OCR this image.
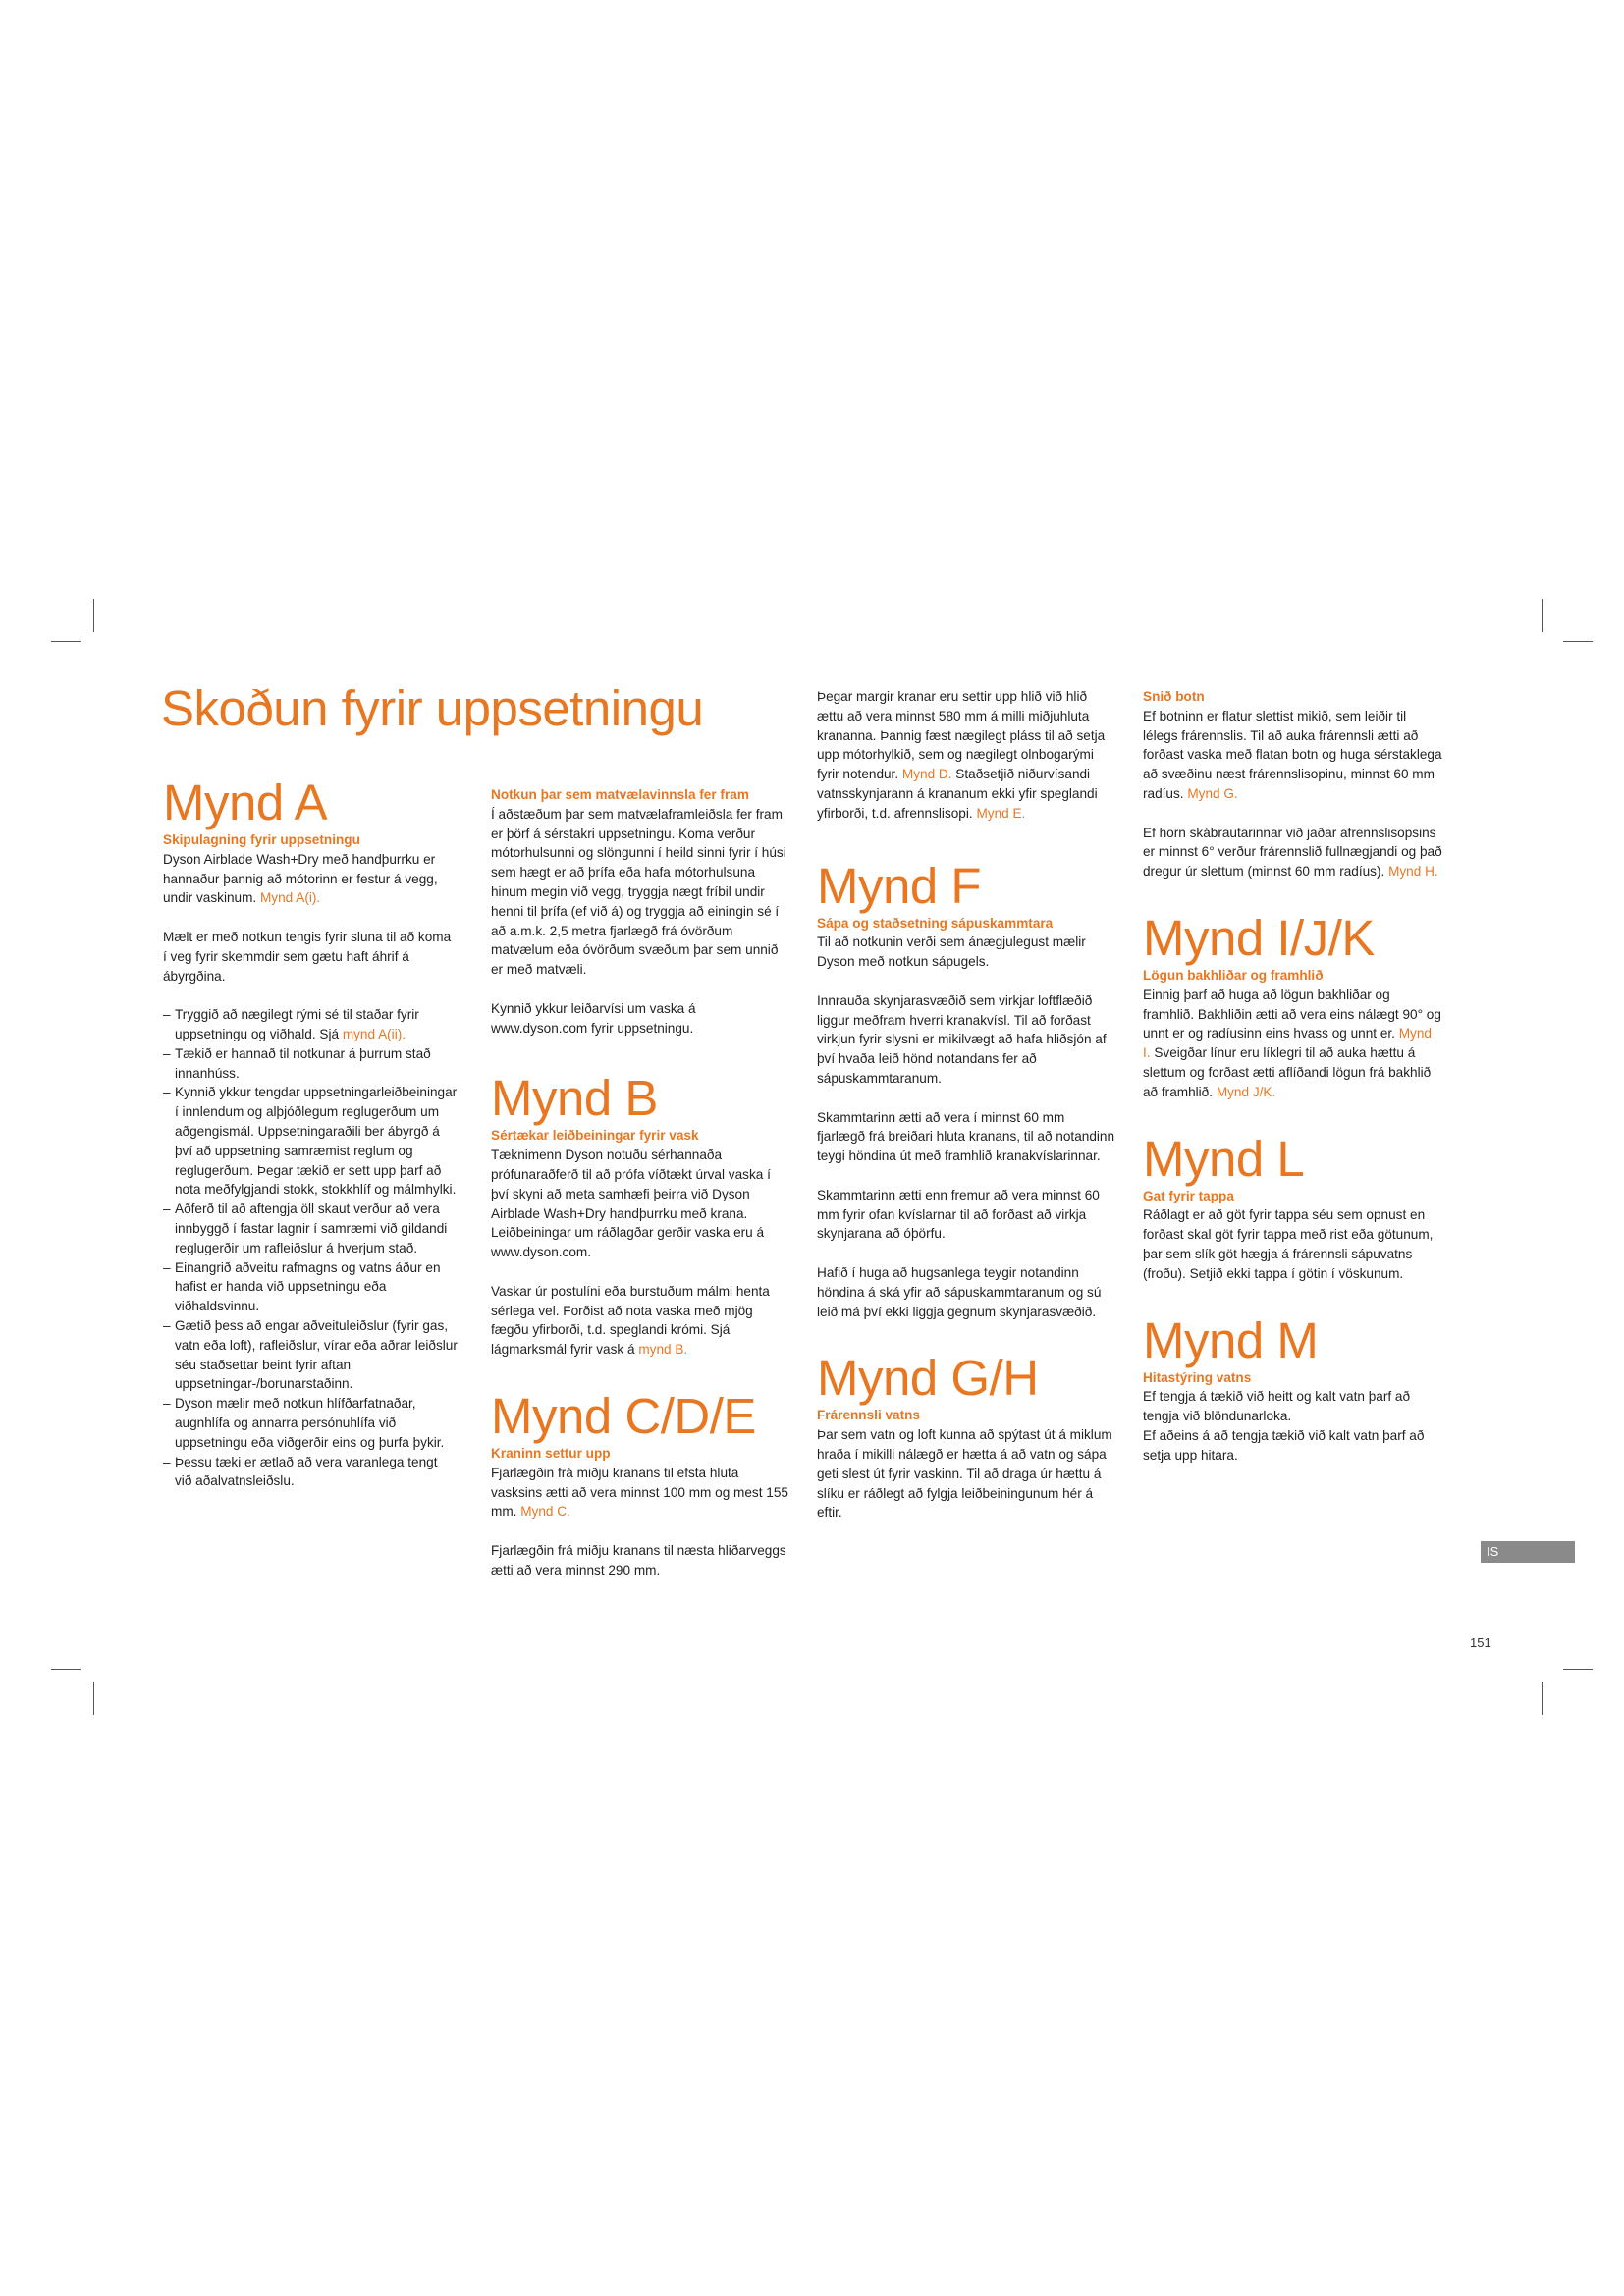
Skoðun fyrir uppsetningu
Mynd A
Skipulagning fyrir uppsetningu

Dyson Airblade Wash+Dry með handþurrku er hannaður þannig að mótorinn er festur á vegg, undir vaskinum. Mynd A(i).

Mælt er með notkun tengis fyrir sluna til að koma í veg fyrir skemmdir sem gætu haft áhrif á ábyrgðina.

– Tryggið að nægilegt rými sé til staðar fyrir uppsetningu og viðhald. Sjá mynd A(ii).
– Tækið er hannað til notkunar á þurrum stað innanhúss.
– Kynnið ykkur tengdar uppsetningarleiðbeiningar í innlendum og alþjóðlegum reglugerðum um aðgengismál. Uppsetningaraðili ber ábyrgð á því að uppsetning samræmist reglum og reglugerðum. Þegar tækið er sett upp þarf að nota meðfylgjandi stokk, stokkhlíf og málmhylki.
– Aðferð til að aftengja öll skaut verður að vera innbyggð í fastar lagnir í samræmi við gildandi reglugerðir um rafleiðslur á hverjum stað.
– Einangrið aðveitu rafmagns og vatns áður en hafist er handa við uppsetningu eða viðhaldsvinnu.
– Gætið þess að engar aðveituleiðslur (fyrir gas, vatn eða loft), rafleiðslur, vírar eða aðrar leiðslur séu staðsettar beint fyrir aftan uppsetningar-/borunarstaðinn.
– Dyson mælir með notkun hlífðarfatnaðar, augnhlífa og annarra persónuhlífa við uppsetningu eða viðgerðir eins og þurfa þykir.
– Þessu tæki er ætlað að vera varanlega tengt við aðalvatnsleiðslu.
Notkun þar sem matvælavinnsla fer fram

Í aðstæðum þar sem matvælaframleiðsla fer fram er þörf á sérstakri uppsetningu. Koma verður mótorhulsunni og slöngunni í heild sinni fyrir í húsi sem hægt er að þrífa eða hafa mótorhulsuna hinum megin við vegg, tryggja nægt fríbil undir henni til þrífa (ef við á) og tryggja að einingin sé í að a.m.k. 2,5 metra fjarlægð frá óvörðum matvælum eða óvörðum svæðum þar sem unnið er með matvæli.

Kynnið ykkur leiðarvísi um vaska á www.dyson.com fyrir uppsetningu.

Mynd B
Sértækar leiðbeiningar fyrir vask

Tæknimenn Dyson notuðu sérhannaða prófunaraðferð til að prófa víðtækt úrval vaska í því skyni að meta samhæfi þeirra við Dyson Airblade Wash+Dry handþurrku með krana. Leiðbeiningar um ráðlagðar gerðir vaska eru á www.dyson.com.

Vaskar úr postulíni eða burstuðum málmi henta sérlega vel. Forðist að nota vaska með mjög fægðu yfirborði, t.d. speglandi krómi. Sjá lágmarksmál fyrir vask á mynd B.

Mynd C/D/E
Kraninn settur upp

Fjarlægðin frá miðju kranans til efsta hluta vasksins ætti að vera minnst 100 mm og mest 155 mm. Mynd C.

Fjarlægðin frá miðju kranans til næsta hliðarveggs ætti að vera minnst 290 mm.

Þegar margir kranar eru settir upp hlið við hlið ættu að vera minnst 580 mm á milli miðjuhluta krananna. Þannig fæst nægilegt pláss til að setja upp mótorhylkið, sem og nægilegt olnbogarými fyrir notendur. Mynd D. Staðsetjið niðurvísandi vatnsskynjarann á krananum ekki yfir speglandi yfirborði, t.d. afrennslisopi. Mynd E.

Mynd F
Sápa og staðsetning sápuskammtara

Til að notkunin verði sem ánægjulegust mælir Dyson með notkun sápugels.

Innrauða skynjarasvæðið sem virkjar loftflæðið liggur meðfram hverri kranakvísl. Til að forðast virkjun fyrir slysni er mikilvægt að hafa hliðsjón af því hvaða leið hönd notandans fer að sápuskammtaranum.

Skammtarinn ætti að vera í minnst 60 mm fjarlægð frá breiðari hluta kranans, til að notandinn teygi höndina út með framhlið kranakvíslarinnar.

Skammtarinn ætti enn fremur að vera minnst 60 mm fyrir ofan kvíslarnar til að forðast að virkja skynjarana að óþörfu.

Hafið í huga að hugsanlega teygir notandinn höndina á ská yfir að sápuskammtaranum og sú leið má því ekki liggja gegnum skynjarasvæðið.

Mynd G/H
Frárennsli vatns

Þar sem vatn og loft kunna að spýtast út á miklum hraða í mikilli nálægð er hætta á að vatn og sápa geti slest út fyrir vaskinn. Til að draga úr hættu á slíku er ráðlegt að fylgja leiðbeiningunum hér á eftir.

Snið botn

Ef botninn er flatur slettist mikið, sem leiðir til lélegs frárennslis. Til að auka frárennsli ætti að forðast vaska með flatan botn og huga sérstaklega að svæðinu næst frárennslisopinu, minnst 60 mm radíus. Mynd G.

Ef horn skábrautarinnar við jaðar afrennslisopsins er minnst 6° verður frárennslið fullnægjandi og það dregur úr slettum (minnst 60 mm radíus). Mynd H.

Mynd I/J/K
Lögun bakhliðar og framhlið

Einnig þarf að huga að lögun bakhliðar og framhlið. Bakhliðin ætti að vera eins nálægt 90° og unnt er og radíusinn eins hvass og unnt er. Mynd I. Sveigðar línur eru líklegri til að auka hættu á slettum og forðast ætti aflíðandi lögun frá bakhlið að framhlið. Mynd J/K.

Mynd L
Gat fyrir tappa

Ráðlagt er að göt fyrir tappa séu sem opnust en forðast skal göt fyrir tappa með rist eða götunum, þar sem slík göt hægja á frárennsli sápuvatns (froðu). Setjið ekki tappa í götin í vöskunum.

Mynd M
Hitastýring vatns

Ef tengja á tækið við heitt og kalt vatn þarf að tengja við blöndunarloka.

Ef aðeins á að tengja tækið við kalt vatn þarf að setja upp hitara.

IS
151
